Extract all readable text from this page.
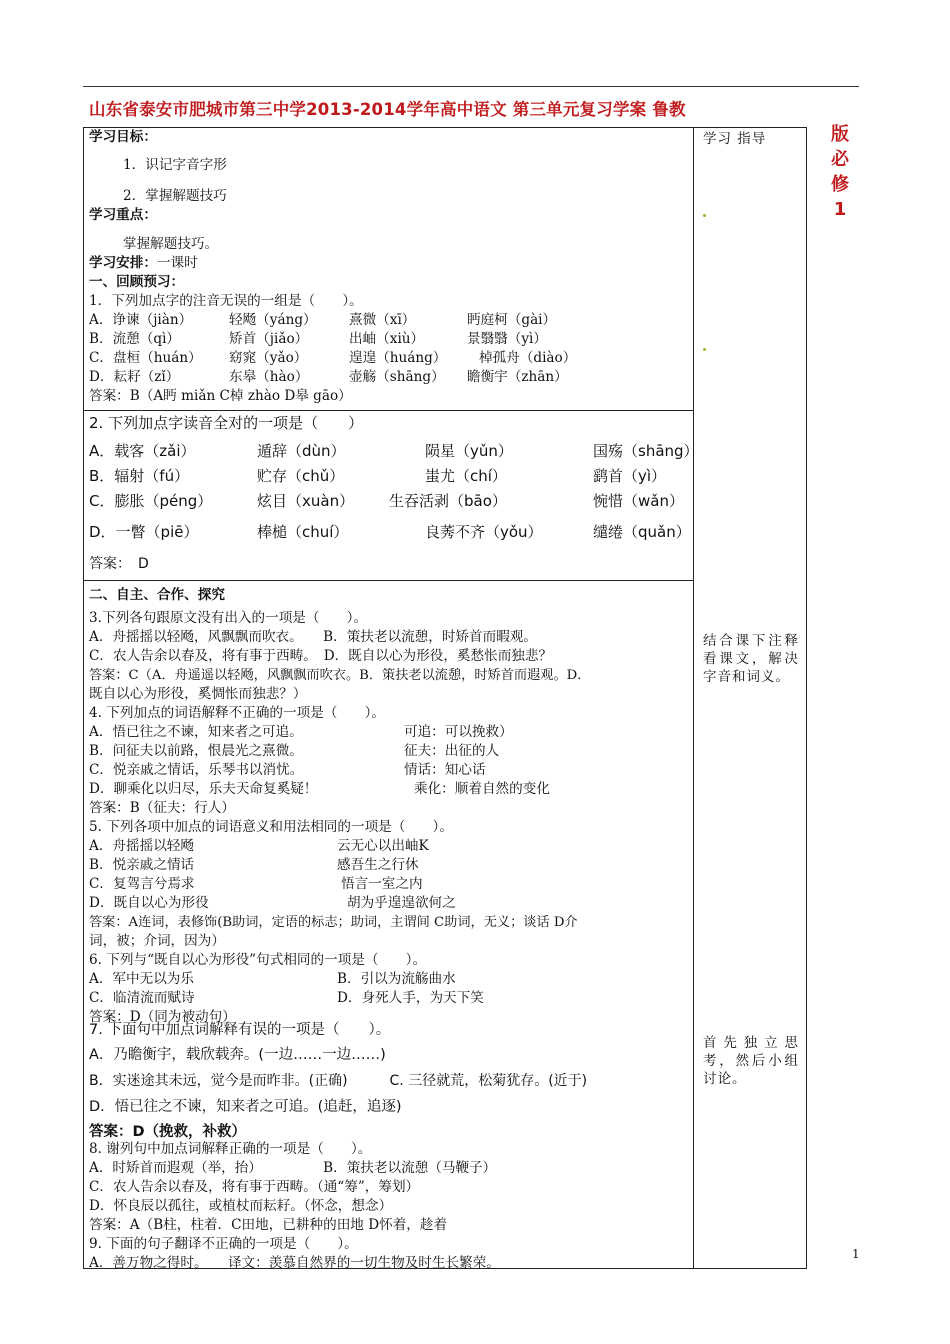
山东省泰安市肥城市第三中学2013-2014学年高中语文 第三单元复习学案 鲁教
版
必
修
1
学习 指导
结合课下注释看课文，解决字音和词义。
首先独立思考，然后小组讨论。

学习目标：

1．识记字音字形

2．掌握解题技巧

学习重点：

掌握解题技巧。

学习安排：一课时

一、回顾预习：

1．下列加点字的注音无误的一组是（　　）。

A．诤谏（jiàn）	轻飏（yáng） 熹微（xī）	眄庭柯（gài）

B．流憩（qì）	矫首（jiǎo）	出岫（xiù）	景翳翳（yì）

C．盘桓（huán） 窈窕（yǎo）	遑遑（huáng） 棹孤舟（diào）

D．耘耔（zǐ）	东皋（hào）	壶觞（shāng） 瞻衡宇（zhān）

答案：B（A眄 miǎn C棹 zhào D皋 gāo）

2. 下列加点字读音全对的一项是（　　）

A．载客（zǎi）	遁辞（dùn）	陨星（yǔn）	国殇（shāng）

B．辐射（fú）	贮存（chǔ）	蚩尤（chí）	鹞首（yì）

C．膨胀（péng）	炫目（xuàn） 生吞活剥（bāo）	惋惜（wǎn）

D．一瞥（piē）	棒槌（chuí）	良莠不齐（yǒu）	缱绻（quǎn）

答案：　D

二、自主、合作、探究

3.下列各句跟原文没有出入的一项是（　　）。

A．舟摇摇以轻飏，风飘飘而吹衣。　　B．策扶老以流憩，时矫首而暇观。

C．农人告余以春及，将有事于西畴。　D．既自以心为形役，奚愁怅而独悲？

答案：C（A．舟遥遥以轻飏，风飘飘而吹衣。B．策扶老以流憩，时矫首而遐观。D．

既自以心为形役，奚惆怅而独悲？）

4. 下列加点的词语解释不正确的一项是（　　）。

A．悟已往之不谏，知来者之可追。	可追：可以挽救）

B．问征夫以前路，恨晨光之熹微。	征夫：出征的人

C．悦亲戚之情话，乐琴书以消忧。	情话：知心话

D．聊乘化以归尽，乐夫天命复奚疑！	乘化：顺着自然的变化

答案：B（征夫：行人）

5. 下列各项中加点的词语意义和用法相同的一项是（　　）。

A．舟摇摇以轻飏	云无心以出岫K

B．悦亲戚之情话	感吾生之行休

C．复驾言兮焉求	悟言一室之内

D．既自以心为形役	胡为乎遑遑欲何之

答案：A连词，表修饰(B助词，定语的标志；助词，主谓间 C助词，无义；谈话 D介

词，被；介词，因为）

6. 下列与“既自以心为形役”句式相同的一项是（　　）。

A．军中无以为乐	B．引以为流觞曲水

C．临清流而赋诗	D．身死人手，为天下笑

答案：D（同为被动句）

7. 下面句中加点词解释有误的一项是（　　）。

A．乃瞻衡宇，载欣载奔。(一边……一边……)

B．实迷途其未远，觉今是而昨非。(正确)　　　C. 三径就荒，松菊犹存。(近于)

D．悟已往之不谏，知来者之可追。(追赶，追逐)

答案：D（挽救，补救）

8. 谢列句中加点词解释正确的一项是（　　）。

A．时矫首而遐观（举，抬）　　　　　B．策扶老以流憩（马鞭子）

C．农人告余以春及，将有事于西畴。（通“筹”，筹划）

D．怀良辰以孤往，或植杖而耘耔。（怀念，想念）

答案：A（B柱，柱着．C田地，已耕种的田地 D怀着，趁着

9. 下面的句子翻译不正确的一项是（　　）。

A．善万物之得时。　　译文：羡慕自然界的一切生物及时生长繁荣。

1
